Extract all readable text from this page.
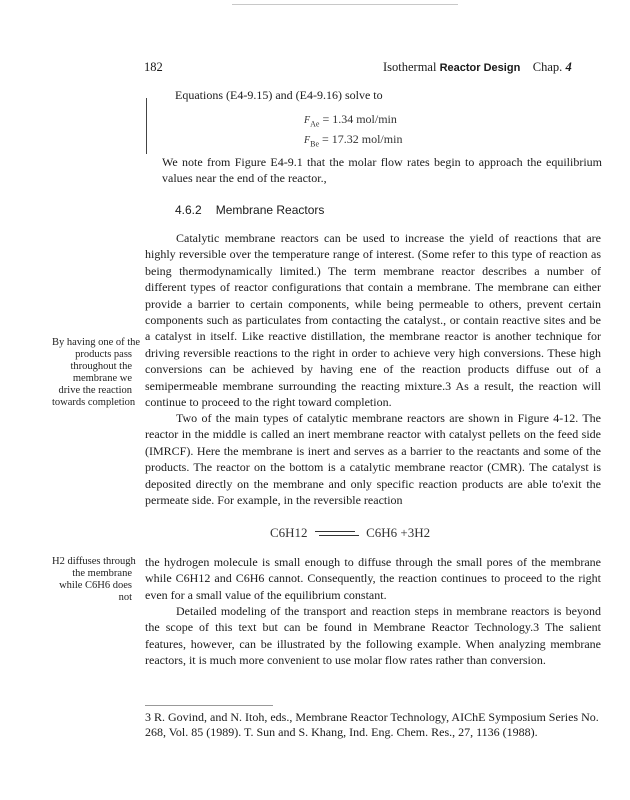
182	Isothermal Reactor Design Chap. 4
Equations (E4-9.15) and (E4-9.16) solve to
$F_{Ae} = 1.34$ mol/min
$F_{Be} = 17.32$ mol/min
We note from Figure E4-9.1 that the molar flow rates begin to approach the equilibrium values near the end of the reactor.,
4.6.2 Membrane Reactors
Catalytic membrane reactors can be used to increase the yield of reactions that are highly reversible over the temperature range of interest. (Some refer to this type of reaction as being thermodynamically limited.) The term membrane reactor describes a number of different types of reactor configurations that contain a membrane. The membrane can either provide a barrier to certain components, while being permeable to others, prevent certain components such as particulates from contacting the catalyst., or contain reactive sites and be a catalyst in itself. Like reactive distillation, the membrane reactor is another technique for driving reversible reactions to the right in order to achieve very high conversions. These high conversions can be achieved by having ene of the reaction products diffuse out of a semipermeable membrane surrounding the reacting mixture.3 As a result, the reaction will continue to proceed to the right toward completion.
Two of the main types of catalytic membrane reactors are shown in Figure 4-12. The reactor in the middle is called an inert membrane reactor with catalyst pellets on the feed side (IMRCF). Here the membrane is inert and serves as a barrier to the reactants and some of the products. The reactor on the bottom is a catalytic membrane reactor (CMR). The catalyst is deposited directly on the membrane and only specific reaction products are able to'exit the permeate side. For example, in the reversible reaction
C6H12	C6H6 +3H2
the hydrogen molecule is small enough to diffuse through the small pores of the membrane while C6H12 and C6H6 cannot. Consequently, the reaction continues to proceed to the right even for a small value of the equilibrium constant.
Detailed modeling of the transport and reaction steps in membrane reactors is beyond the scope of this text but can be found in Membrane Reactor Technology.3 The salient features, however, can be illustrated by the following example. When analyzing membrane reactors, it is much more convenient to use molar flow rates rather than conversion.
By having one of the
products pass
throughout the
membrane we
drive the reaction
towards completion
H2 diffuses through
the membrane
while C6H6 does
not
3 R. Govind, and N. Itoh, eds., Membrane Reactor Technology, AIChE Symposium Series No. 268, Vol. 85 (1989). T. Sun and S. Khang, Ind. Eng. Chem. Res., 27, 1136 (1988).
